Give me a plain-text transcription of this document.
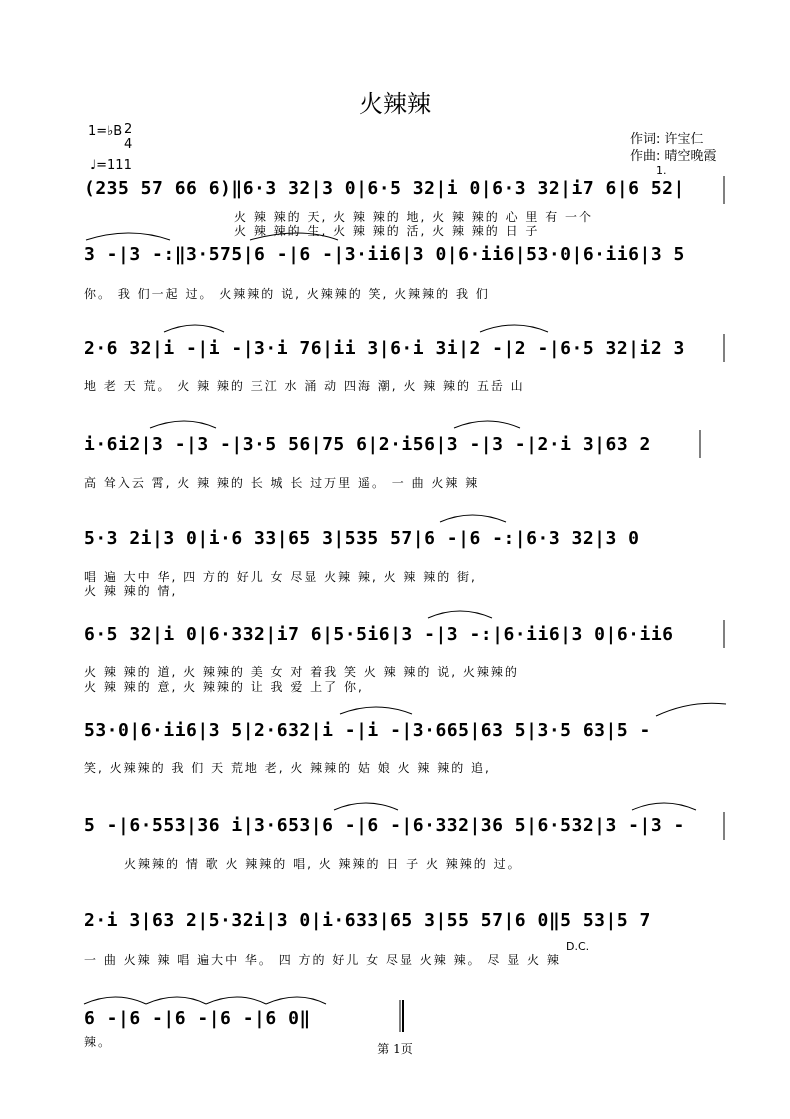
火辣辣
1=♭B 2
4
♩=111
作词: 许宝仁
作曲: 晴空晚霞
1.
(235 57 66 6)‖6·3 32|3 0|6·5 32|i 0|6·3 32|i7 6|6 52|
火 辣 辣的 天, 火 辣 辣的 地, 火 辣 辣的 心 里 有 一个
火 辣 辣的 生, 火 辣 辣的 活, 火 辣 辣的 日 子
3 -|3 -:‖3·575|6 -|6 -|3·ii6|3 0|6·ii6|53·0|6·ii6|3 5
你。 我 们一起 过。 火辣辣的 说, 火辣辣的 笑, 火辣辣的 我 们
2·6 32|i -|i -|3·i 76|ii 3|6·i 3i|2 -|2 -|6·5 32|i2 3
地 老 天 荒。 火 辣 辣的 三江 水 涌 动 四海 潮, 火 辣 辣的 五岳 山
i·6i2|3 -|3 -|3·5 56|75 6|2·i56|3 -|3 -|2·i 3|63 2
高 耸入云 霄, 火 辣 辣的 长 城 长 过万里 遥。 一 曲 火辣 辣
5·3 2i|3 0|i·6 33|65 3|535 57|6 -|6 -:|6·3 32|3 0
唱 遍 大中 华, 四 方的 好儿 女 尽显 火辣 辣, 火 辣 辣的 街,
火 辣 辣的 情,
6·5 32|i 0|6·332|i7 6|5·5i6|3 -|3 -:|6·ii6|3 0|6·ii6
火 辣 辣的 道, 火 辣辣的 美 女 对 着我 笑 火 辣 辣的 说, 火辣辣的
火 辣 辣的 意, 火 辣辣的 让 我 爱 上了 你,
53·0|6·ii6|3 5|2·632|i -|i -|3·665|63 5|3·5 63|5 -
笑, 火辣辣的 我 们 天 荒地 老, 火 辣辣的 姑 娘 火 辣 辣的 追,
5 -|6·553|36 i|3·653|6 -|6 -|6·332|36 5|6·532|3 -|3 -
火辣辣的 情 歌 火 辣辣的 唱, 火 辣辣的 日 子 火 辣辣的 过。
2·i 3|63 2|5·32i|3 0|i·633|65 3|55 57|6 0‖5 53|5 7
D.C.
一 曲 火辣 辣 唱 遍大中 华。 四 方的 好儿 女 尽显 火辣 辣。 尽 显 火 辣
6 -|6 -|6 -|6 -|6 0‖
辣。	第 1页
